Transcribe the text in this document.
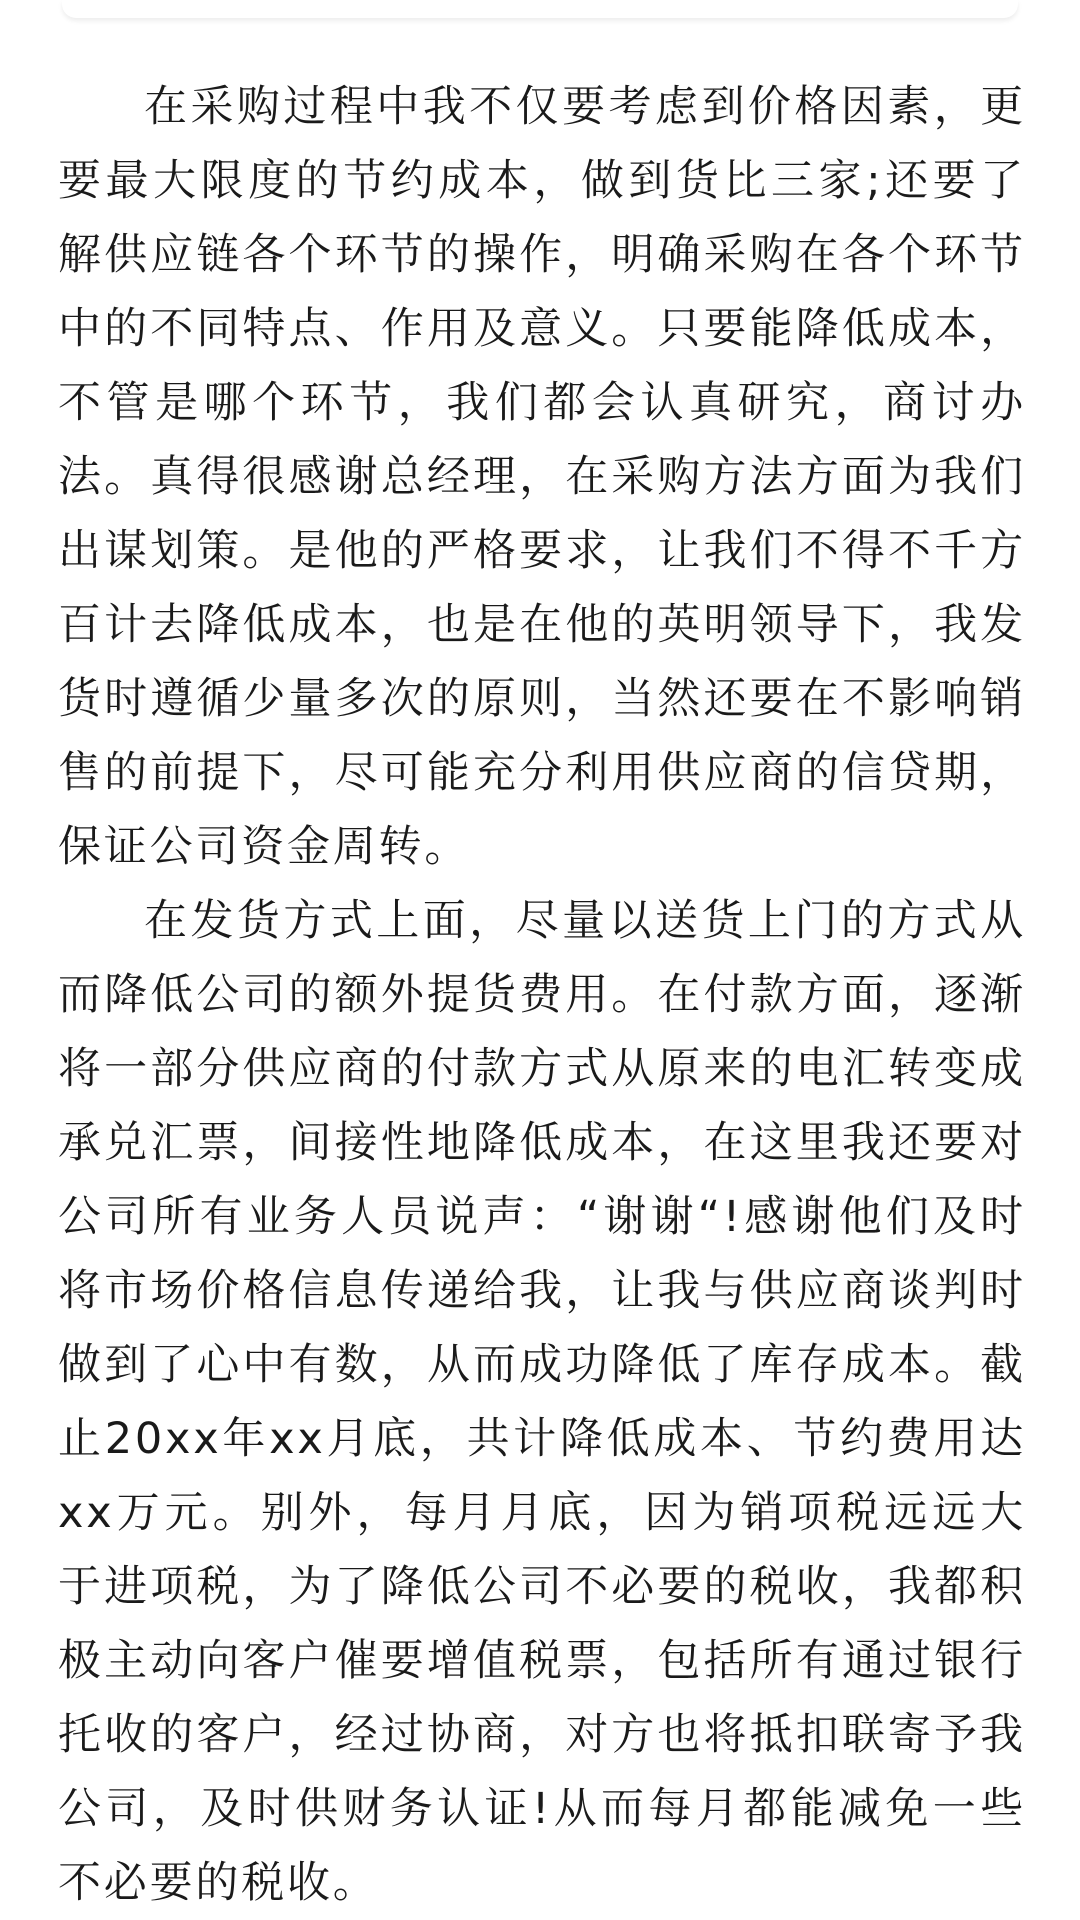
在采购过程中我不仅要考虑到价格因素，更要最大限度的节约成本，做到货比三家;还要了解供应链各个环节的操作，明确采购在各个环节中的不同特点、作用及意义。只要能降低成本，不管是哪个环节，我们都会认真研究，商讨办法。真得很感谢总经理，在采购方法方面为我们出谋划策。是他的严格要求，让我们不得不千方百计去降低成本，也是在他的英明领导下，我发货时遵循少量多次的原则，当然还要在不影响销售的前提下，尽可能充分利用供应商的信贷期，保证公司资金周转。

在发货方式上面，尽量以送货上门的方式从而降低公司的额外提货费用。在付款方面，逐渐将一部分供应商的付款方式从原来的电汇转变成承兑汇票，间接性地降低成本，在这里我还要对公司所有业务人员说声：“谢谢“!感谢他们及时将市场价格信息传递给我，让我与供应商谈判时做到了心中有数，从而成功降低了库存成本。截止20xx年xx月底，共计降低成本、节约费用达xx万元。别外，每月月底，因为销项税远远大于进项税，为了降低公司不必要的税收，我都积极主动向客户催要增值税票，包括所有通过银行托收的客户，经过协商，对方也将抵扣联寄予我公司，及时供财务认证!从而每月都能减免一些不必要的税收。
